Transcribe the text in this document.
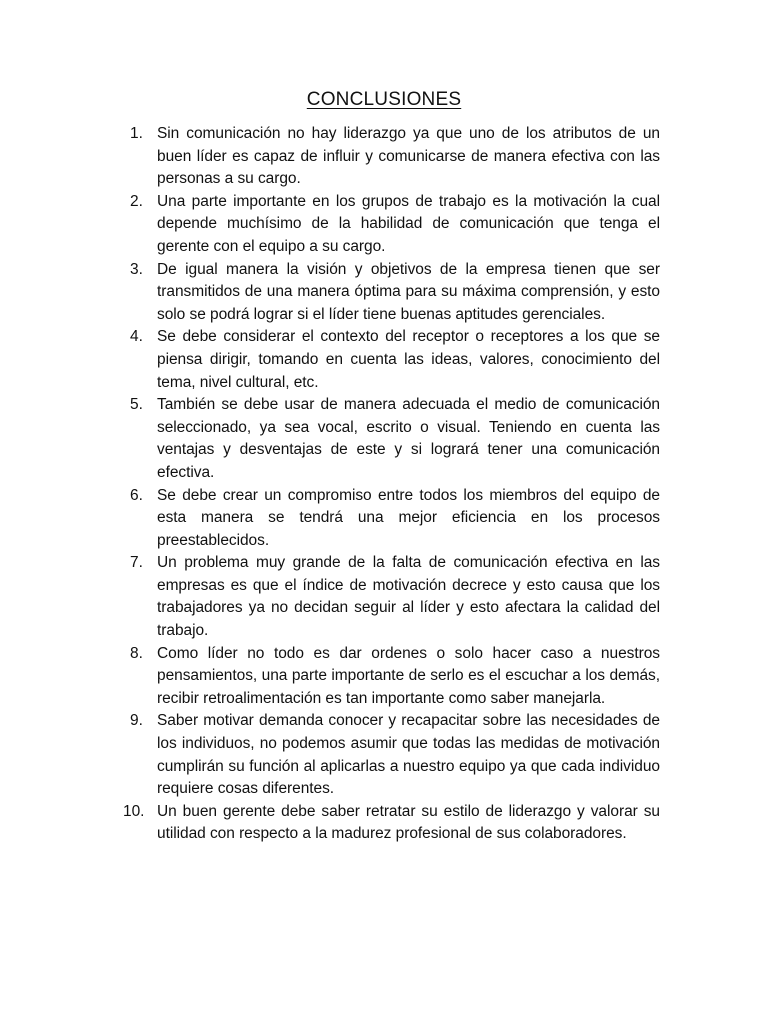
CONCLUSIONES
1. Sin comunicación no hay liderazgo ya que uno de los atributos de un buen líder es capaz de influir y comunicarse de manera efectiva con las personas a su cargo.
2. Una parte importante en los grupos de trabajo es la motivación la cual depende muchísimo de la habilidad de comunicación que tenga el gerente con el equipo a su cargo.
3. De igual manera la visión y objetivos de la empresa tienen que ser transmitidos de una manera óptima para su máxima comprensión, y esto solo se podrá lograr si el líder tiene buenas aptitudes gerenciales.
4. Se debe considerar el contexto del receptor o receptores a los que se piensa dirigir, tomando en cuenta las ideas, valores, conocimiento del tema, nivel cultural, etc.
5. También se debe usar de manera adecuada el medio de comunicación seleccionado, ya sea vocal, escrito o visual. Teniendo en cuenta las ventajas y desventajas de este y si logrará tener una comunicación efectiva.
6. Se debe crear un compromiso entre todos los miembros del equipo de esta manera se tendrá una mejor eficiencia en los procesos preestablecidos.
7. Un problema muy grande de la falta de comunicación efectiva en las empresas es que el índice de motivación decrece y esto causa que los trabajadores ya no decidan seguir al líder y esto afectara la calidad del trabajo.
8. Como líder no todo es dar ordenes o solo hacer caso a nuestros pensamientos, una parte importante de serlo es el escuchar a los demás, recibir retroalimentación es tan importante como saber manejarla.
9. Saber motivar demanda conocer y recapacitar sobre las necesidades de los individuos, no podemos asumir que todas las medidas de motivación cumplirán su función al aplicarlas a nuestro equipo ya que cada individuo requiere cosas diferentes.
10. Un buen gerente debe saber retratar su estilo de liderazgo y valorar su utilidad con respecto a la madurez profesional de sus colaboradores.
